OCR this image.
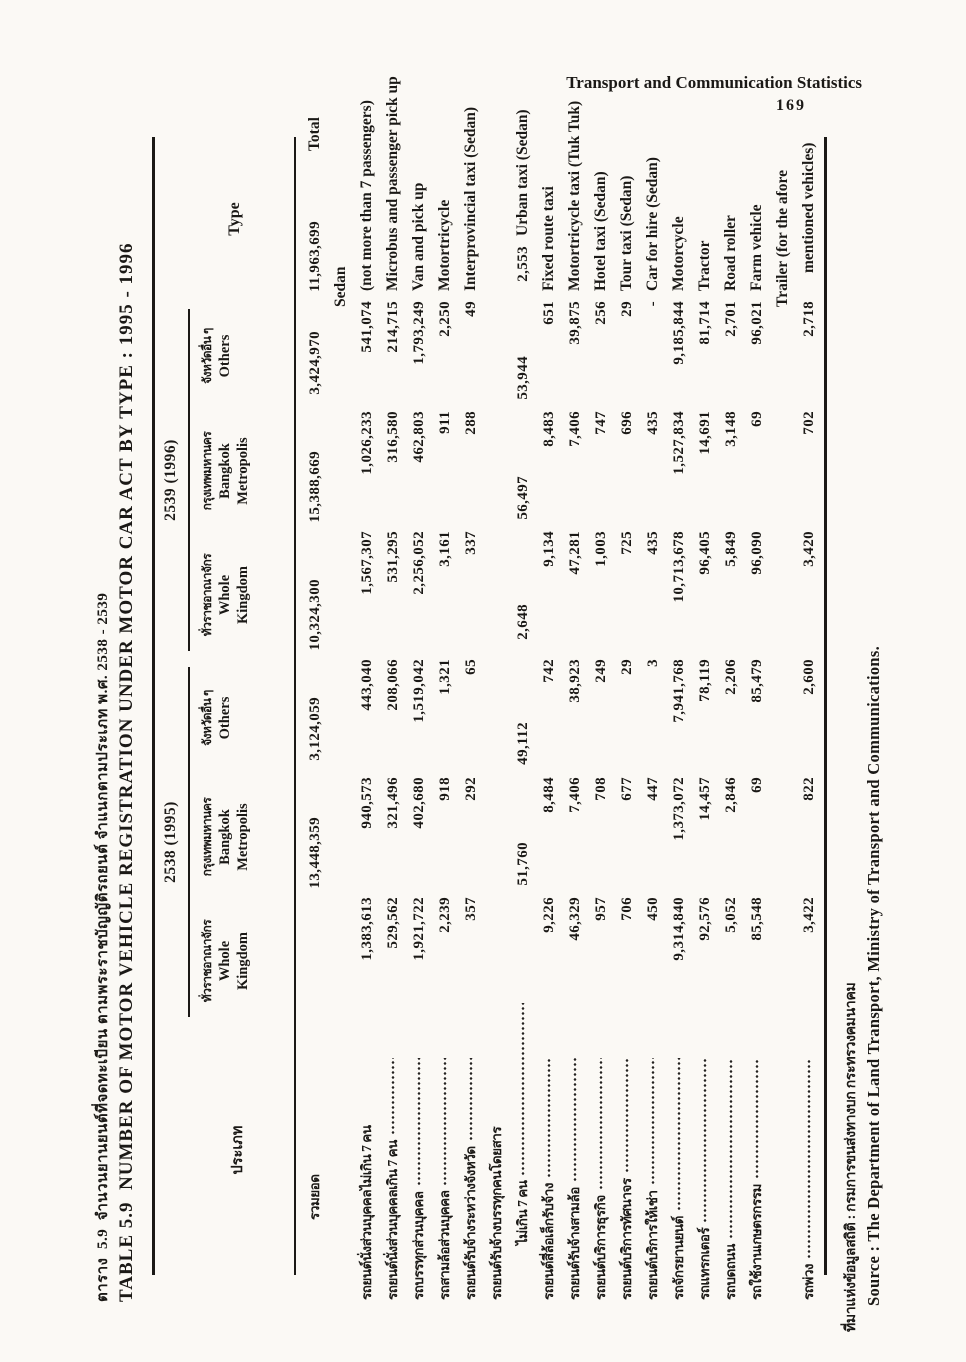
Transport and Communication Statistics
169
ตาราง  5.9  จำนวนยานยนต์ที่จดทะเบียน ตามพระราชบัญญัติรถยนต์ จำแนกตามประเภท พ.ศ. 2538 - 2539 TABLE 5.9  NUMBER OF MOTOR VEHICLE REGISTRATION UNDER MOTOR CAR ACT BY TYPE : 1995 - 1996 2538 (1995)
2539 (1996)
ประเภท
ทั่วราชอาณาจักร Whole Kingdom
กรุงเทพมหานคร Bangkok Metropolis
จังหวัดอื่น ๆ Others
ทั่วราชอาณาจักร Whole Kingdom
กรุงเทพมหานคร Bangkok Metropolis
จังหวัดอื่น ๆ Others
Type
รวมยอด
13,448,359
3,124,059
10,324,300
15,388,669
3,424,970
11,963,699
Total
Sedan
รถยนต์นั่งส่วนบุคคลไม่เกิน 7 คน
1,383,613
940,573
443,040
1,567,307
1,026,233
541,074
(not more than 7 passengers)
รถยนต์นั่งส่วนบุคคลเกิน 7 คน
529,562
321,496
208,066
531,295
316,580
214,715
Microbus and passenger pick up
รถบรรทุกส่วนบุคคล
1,921,722
402,680
1,519,042
2,256,052
462,803
1,793,249
Van and pick up
รถสามล้อส่วนบุคคล
2,239
918
1,321
3,161
911
2,250
Motortricycle
รถยนต์รับจ้างระหว่างจังหวัด
357
292
65
337
288
49
Interprovincial taxi (Sedan)
รถยนต์รับจ้างบรรทุกคนโดยสาร ไม่เกิน 7 คน
51,760
49,112
2,648
56,497
53,944
2,553
Urban taxi (Sedan)
รถยนต์สี่ล้อเล็กรับจ้าง
9,226
8,484
742
9,134
8,483
651
Fixed route taxi
รถยนต์รับจ้างสามล้อ
46,329
7,406
38,923
47,281
7,406
39,875
Motortricycle taxi (Tuk Tuk)
รถยนต์บริการธุรกิจ
957
708
249
1,003
747
256
Hotel taxi (Sedan)
รถยนต์บริการทัศนาจร
706
677
29
725
696
29
Tour taxi (Sedan)
รถยนต์บริการให้เช่า
450
447
3
435
435
-
Car for hire (Sedan)
รถจักรยานยนต์
9,314,840
1,373,072
7,941,768
10,713,678
1,527,834
9,185,844
Motorcycle
รถแทรกเตอร์
92,576
14,457
78,119
96,405
14,691
81,714
Tractor
รถบดถนน
5,052
2,846
2,206
5,849
3,148
2,701
Road roller
รถใช้งานเกษตรกรรม
85,548
69
85,479
96,090
69
96,021
Farm vehicle Trailer (for the afore
รถพ่วง
3,422
822
2,600
3,420
702
2,718
mentioned vehicles)
ที่มาแห่งข้อมูลสถิติ : กรมการขนส่งทางบก กระทรวงคมนาคม Source : The Department of Land Transport, Ministry of Transport and Communications.
